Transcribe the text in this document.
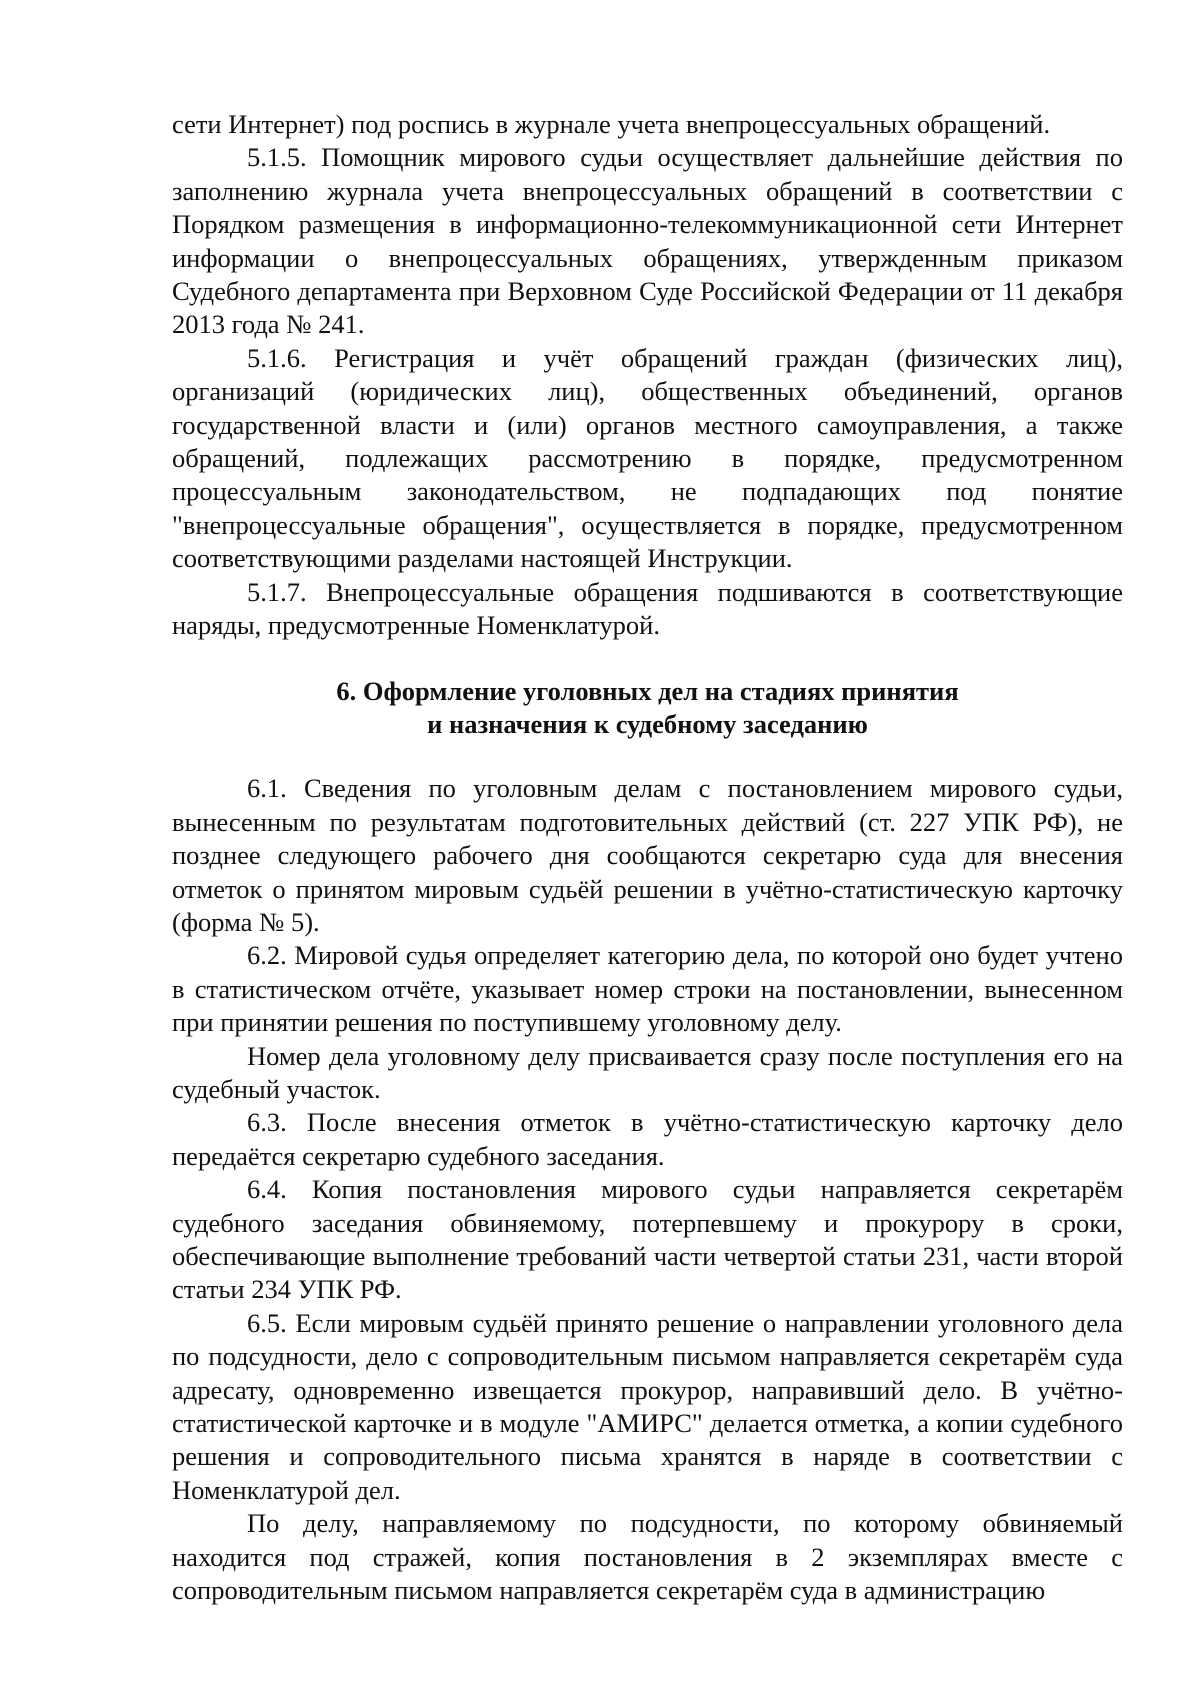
сети Интернет) под роспись в журнале учета внепроцессуальных обращений.

5.1.5. Помощник мирового судьи осуществляет дальнейшие действия по заполнению журнала учета внепроцессуальных обращений в соответствии с Порядком размещения в информационно-телекоммуникационной сети Интернет информации о внепроцессуальных обращениях, утвержденным приказом Судебного департамента при Верховном Суде Российской Федерации от 11 декабря 2013 года № 241.

5.1.6. Регистрация и учёт обращений граждан (физических лиц), организаций (юридических лиц), общественных объединений, органов государственной власти и (или) органов местного самоуправления, а также обращений, подлежащих рассмотрению в порядке, предусмотренном процессуальным законодательством, не подпадающих под понятие "внепроцессуальные обращения", осуществляется в порядке, предусмотренном соответствующими разделами настоящей Инструкции.

5.1.7. Внепроцессуальные обращения подшиваются в соответствующие наряды, предусмотренные Номенклатурой.

6. Оформление уголовных дел на стадиях принятия
и назначения к судебному заседанию

6.1. Сведения по уголовным делам с постановлением мирового судьи, вынесенным по результатам подготовительных действий (ст. 227 УПК РФ), не позднее следующего рабочего дня сообщаются секретарю суда для внесения отметок о принятом мировым судьёй решении в учётно-статистическую карточку (форма № 5).

6.2. Мировой судья определяет категорию дела, по которой оно будет учтено в статистическом отчёте, указывает номер строки на постановлении, вынесенном при принятии решения по поступившему уголовному делу.

Номер дела уголовному делу присваивается сразу после поступления его на судебный участок.

6.3. После внесения отметок в учётно-статистическую карточку дело передаётся секретарю судебного заседания.

6.4. Копия постановления мирового судьи направляется секретарём судебного заседания обвиняемому, потерпевшему и прокурору в сроки, обеспечивающие выполнение требований части четвертой статьи 231, части второй статьи 234 УПК РФ.

6.5. Если мировым судьёй принято решение о направлении уголовного дела по подсудности, дело с сопроводительным письмом направляется секретарём суда адресату, одновременно извещается прокурор, направивший дело. В учётно-статистической карточке и в модуле "АМИРС" делается отметка, а копии судебного решения и сопроводительного письма хранятся в наряде в соответствии с Номенклатурой дел.

По делу, направляемому по подсудности, по которому обвиняемый находится под стражей, копия постановления в 2 экземплярах вместе с сопроводительным письмом направляется секретарём суда в администрацию
